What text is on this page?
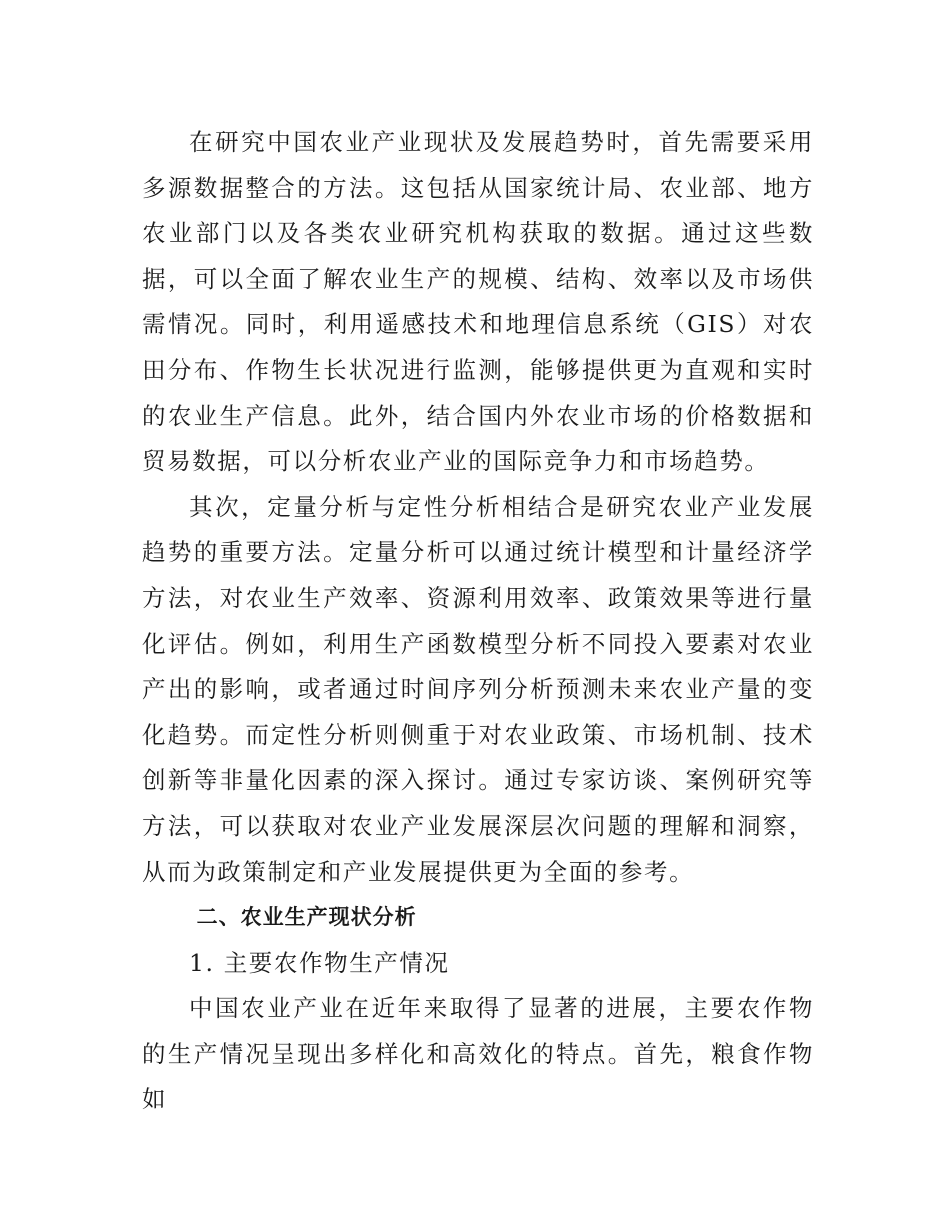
在研究中国农业产业现状及发展趋势时，首先需要采用多源数据整合的方法。这包括从国家统计局、农业部、地方农业部门以及各类农业研究机构获取的数据。通过这些数据，可以全面了解农业生产的规模、结构、效率以及市场供需情况。同时，利用遥感技术和地理信息系统（GIS）对农田分布、作物生长状况进行监测，能够提供更为直观和实时的农业生产信息。此外，结合国内外农业市场的价格数据和贸易数据，可以分析农业产业的国际竞争力和市场趋势。

其次，定量分析与定性分析相结合是研究农业产业发展趋势的重要方法。定量分析可以通过统计模型和计量经济学方法，对农业生产效率、资源利用效率、政策效果等进行量化评估。例如，利用生产函数模型分析不同投入要素对农业产出的影响，或者通过时间序列分析预测未来农业产量的变化趋势。而定性分析则侧重于对农业政策、市场机制、技术创新等非量化因素的深入探讨。通过专家访谈、案例研究等方法，可以获取对农业产业发展深层次问题的理解和洞察，从而为政策制定和产业发展提供更为全面的参考。

二、农业生产现状分析

1. 主要农作物生产情况

中国农业产业在近年来取得了显著的进展，主要农作物的生产情况呈现出多样化和高效化的特点。首先，粮食作物如
